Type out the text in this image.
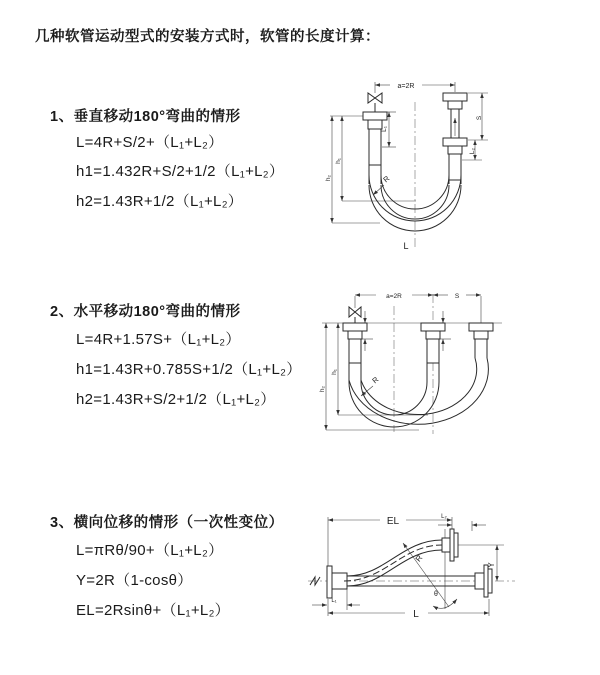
几种软管运动型式的安装方式时，软管的长度计算：
1、垂直移动180°弯曲的情形
L=4R+S/2+（L₁+L₂）
h1=1.432R+S/2+1/2（L₁+L₂）
h2=1.43R+1/2（L₁+L₂）
2、水平移动180°弯曲的情形
L=4R+1.57S+（L₁+L₂）
h1=1.43R+0.785S+1/2（L₁+L₂）
h2=1.43R+S/2+1/2（L₁+L₂）
3、横向位移的情形（一次性变位）
L=πRθ/90+（L₁+L₂）
Y=2R（1-cosθ）
EL=2Rsinθ+（L₁+L₂）
a=2R
h₁
h₂
L₁
S
L₂
R
L
a=2R	S
h₁
h₂
R
EL	L₂
L₁
Y
R
θ
L
